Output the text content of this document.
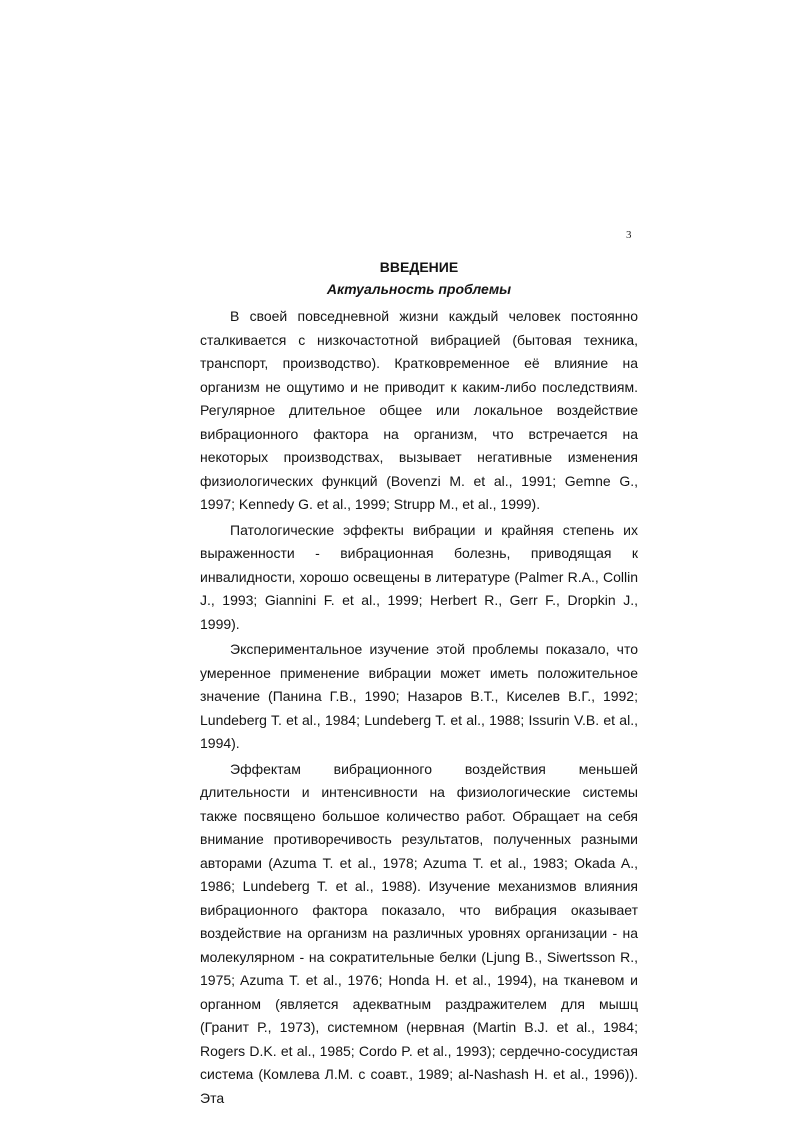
3
ВВЕДЕНИЕ
Актуальность проблемы

В своей повседневной жизни каждый человек постоянно сталкивается с низкочастотной вибрацией (бытовая техника, транспорт, производство). Кратковременное её влияние на организм не ощутимо и не приводит к каким-либо последствиям. Регулярное длительное общее или локальное воздействие вибрационного фактора на организм, что встречается на некоторых производствах, вызывает негативные изменения физиологических функций (Bovenzi M. et al., 1991; Gemne G., 1997; Kennedy G. et al., 1999; Strupp M., et al., 1999).

Патологические эффекты вибрации и крайняя степень их выраженности - вибрационная болезнь, приводящая к инвалидности, хорошо освещены в литературе (Palmer R.A., Collin J., 1993; Giannini F. et al., 1999; Herbert R., Gerr F., Dropkin J., 1999).

Экспериментальное изучение этой проблемы показало, что умеренное применение вибрации может иметь положительное значение (Панина Г.В., 1990; Назаров В.Т., Киселев В.Г., 1992; Lundeberg T. et al., 1984; Lundeberg T. et al., 1988; Issurin V.B. et al., 1994).

Эффектам вибрационного воздействия меньшей длительности и интенсивности на физиологические системы также посвящено большое количество работ. Обращает на себя внимание противоречивость результатов, полученных разными авторами (Azuma T. et al., 1978; Azuma T. et al., 1983; Okada A., 1986; Lundeberg T. et al., 1988). Изучение механизмов влияния вибрационного фактора показало, что вибрация оказывает воздействие на организм на различных уровнях организации - на молекулярном - на сократительные белки (Ljung B., Siwertsson R., 1975; Azuma T. et al., 1976; Honda H. et al., 1994), на тканевом и органном (является адекватным раздражителем для мышц (Гранит Р., 1973), системном (нервная (Martin B.J. et al., 1984; Rogers D.K. et al., 1985; Cordo P. et al., 1993); сердечно-сосудистая система (Комлева Л.М. с соавт., 1989; al-Nashash H. et al., 1996)). Эта
